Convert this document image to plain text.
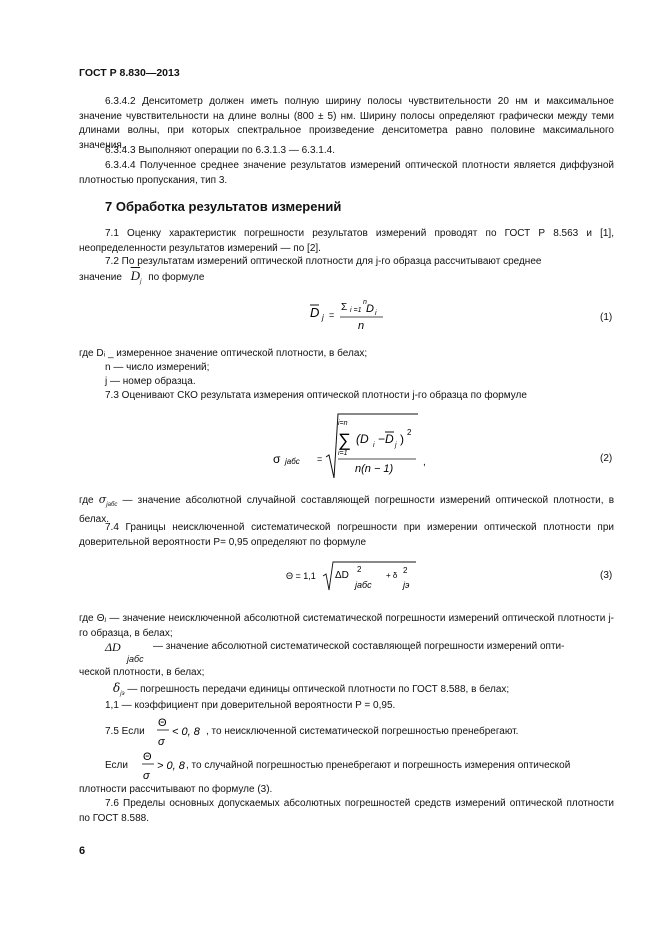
ГОСТ Р 8.830—2013
6.3.4.2 Денситометр должен иметь полную ширину полосы чувствительности 20 нм и максимальное значение чувствительности на длине волны (800 ± 5) нм. Ширину полосы определяют графически между теми длинами волны, при которых спектральное произведение денситометра равно половине максимального значения.
6.3.4.3 Выполняют операции по 6.3.1.3 — 6.3.1.4.
6.3.4.4 Полученное среднее значение результатов измерений оптической плотности является диффузной плотностью пропускания, тип 3.
7 Обработка результатов измерений
7.1 Оценку характеристик погрешности результатов измерений проводят по ГОСТ Р 8.563 и [1], неопределенности результатов измерений — по [2].
7.2 По результатам измерений оптической плотности для j-го образца рассчитывают среднее
значение $\overline{D}_j$ по формуле
D j =
Σ n
i =1 D i
n
(1)
где Dᵢ _ измеренное значение оптической плотности, в белах;
n — число измерений;
j — номер образца.
7.3 Оценивают СКО результата измерения оптической плотности j-го образца по формуле
σ jабс =
i=n
∑
i=1
(D i −D j ) 2
n(n − 1)
,	(2)
где $\sigma_{jабс}$ — значение абсолютной случайной составляющей погрешности измерений оптической плотности, в белах.
7.4 Границы неисключенной систематической погрешности при измерении оптической плотности при доверительной вероятности P= 0,95 определяют по формуле
Θ = 1,1 ΔD
2
jабс
+ δ
2
jэ
(3)
где Θⱼ — значение неисключенной абсолютной систематической погрешности измерений оптической плотности j-го образца, в белах;
ΔD
jабс
— значение абсолютной систематической составляющей погрешности измерений опти-
ческой плотности, в белах;
$\delta_{jэ}$ — погрешность передачи единицы оптической плотности по ГОСТ 8.588, в белах;
1,1 — коэффициент при доверительной вероятности P = 0,95.
7.5 Если
Θ
σ
< 0, 8 , то неисключенной систематической погрешностью пренебрегают.
Если
Θ
σ
> 0, 8 , то случайной погрешностью пренебрегают и погрешность измерения оптической
плотности рассчитывают по формуле (3).
7.6 Пределы основных допускаемых абсолютных погрешностей средств измерений оптической плотности по ГОСТ 8.588.
6
